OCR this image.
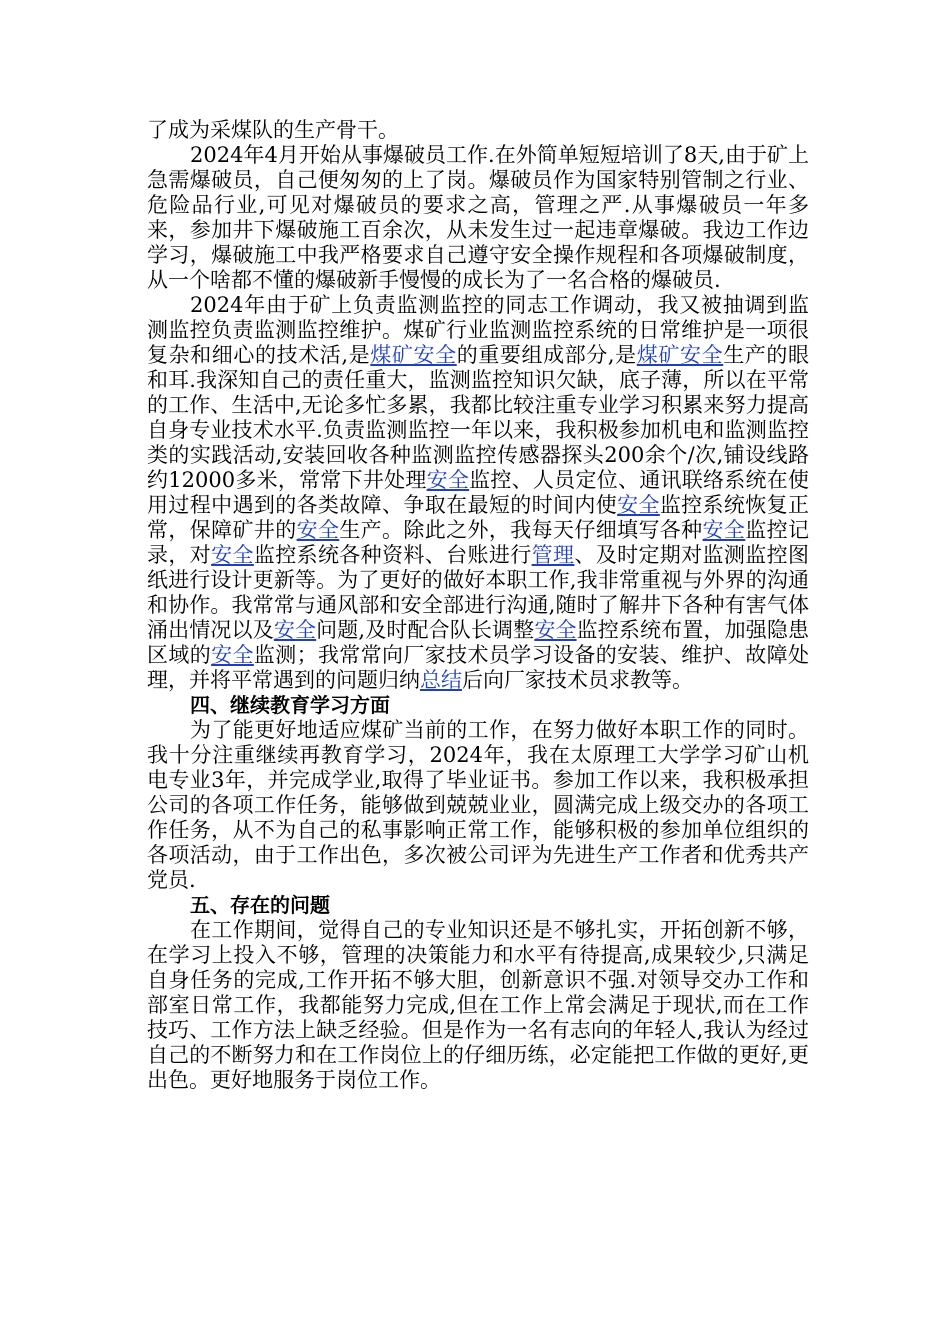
了成为采煤队的生产骨干。

2024年4月开始从事爆破员工作.在外简单短短培训了8天,由于矿上急需爆破员，自己便匆匆的上了岗。爆破员作为国家特别管制之行业、危险品行业,可见对爆破员的要求之高，管理之严.从事爆破员一年多来，参加井下爆破施工百余次，从未发生过一起违章爆破。我边工作边学习，爆破施工中我严格要求自己遵守安全操作规程和各项爆破制度，从一个啥都不懂的爆破新手慢慢的成长为了一名合格的爆破员.

2024年由于矿上负责监测监控的同志工作调动，我又被抽调到监测监控负责监测监控维护。煤矿行业监测监控系统的日常维护是一项很复杂和细心的技术活,是煤矿安全的重要组成部分,是煤矿安全生产的眼和耳.我深知自己的责任重大，监测监控知识欠缺，底子薄，所以在平常的工作、生活中,无论多忙多累，我都比较注重专业学习积累来努力提高自身专业技术水平.负责监测监控一年以来，我积极参加机电和监测监控类的实践活动,安装回收各种监测监控传感器探头200余个/次,铺设线路约12000多米，常常下井处理安全监控、人员定位、通讯联络系统在使用过程中遇到的各类故障、争取在最短的时间内使安全监控系统恢复正常，保障矿井的安全生产。除此之外，我每天仔细填写各种安全监控记录，对安全监控系统各种资料、台账进行管理、及时定期对监测监控图纸进行设计更新等。为了更好的做好本职工作,我非常重视与外界的沟通和协作。我常常与通风部和安全部进行沟通,随时了解井下各种有害气体涌出情况以及安全问题,及时配合队长调整安全监控系统布置，加强隐患区域的安全监测；我常常向厂家技术员学习设备的安装、维护、故障处理，并将平常遇到的问题归纳总结后向厂家技术员求教等。

四、继续教育学习方面

为了能更好地适应煤矿当前的工作，在努力做好本职工作的同时。我十分注重继续再教育学习，2024年，我在太原理工大学学习矿山机电专业3年，并完成学业,取得了毕业证书。参加工作以来，我积极承担公司的各项工作任务，能够做到兢兢业业，圆满完成上级交办的各项工作任务，从不为自己的私事影响正常工作，能够积极的参加单位组织的各项活动，由于工作出色，多次被公司评为先进生产工作者和优秀共产党员.

五、存在的问题

在工作期间，觉得自己的专业知识还是不够扎实，开拓创新不够，在学习上投入不够，管理的决策能力和水平有待提高,成果较少,只满足自身任务的完成,工作开拓不够大胆，创新意识不强.对领导交办工作和部室日常工作，我都能努力完成,但在工作上常会满足于现状,而在工作技巧、工作方法上缺乏经验。但是作为一名有志向的年轻人,我认为经过自己的不断努力和在工作岗位上的仔细历练，必定能把工作做的更好,更出色。更好地服务于岗位工作。
